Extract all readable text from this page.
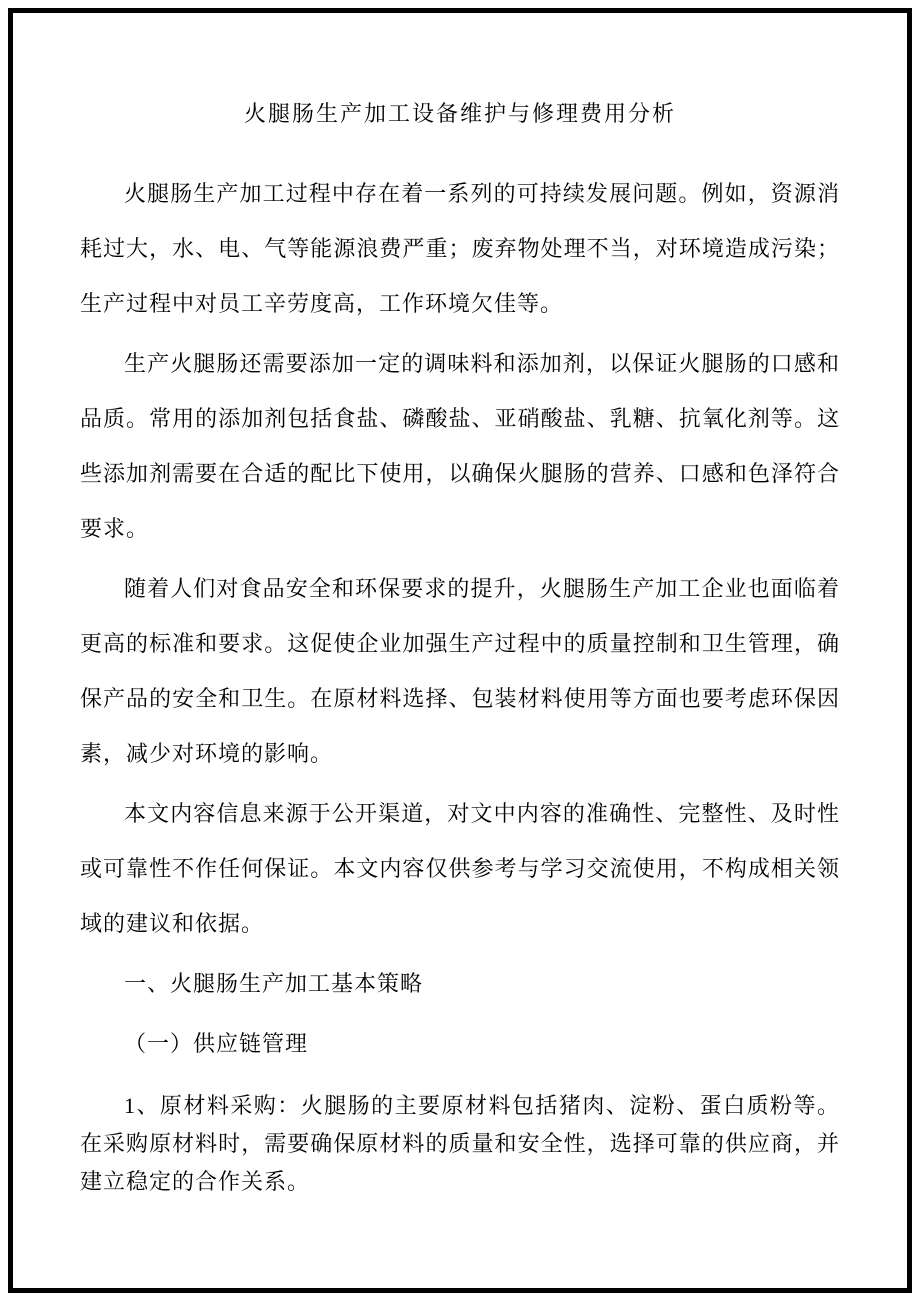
火腿肠生产加工设备维护与修理费用分析

火腿肠生产加工过程中存在着一系列的可持续发展问题。例如，资源消耗过大，水、电、气等能源浪费严重；废弃物处理不当，对环境造成污染；生产过程中对员工辛劳度高，工作环境欠佳等。

生产火腿肠还需要添加一定的调味料和添加剂，以保证火腿肠的口感和品质。常用的添加剂包括食盐、磷酸盐、亚硝酸盐、乳糖、抗氧化剂等。这些添加剂需要在合适的配比下使用，以确保火腿肠的营养、口感和色泽符合要求。

随着人们对食品安全和环保要求的提升，火腿肠生产加工企业也面临着更高的标准和要求。这促使企业加强生产过程中的质量控制和卫生管理，确保产品的安全和卫生。在原材料选择、包装材料使用等方面也要考虑环保因素，减少对环境的影响。

本文内容信息来源于公开渠道，对文中内容的准确性、完整性、及时性或可靠性不作任何保证。本文内容仅供参考与学习交流使用，不构成相关领域的建议和依据。

一、火腿肠生产加工基本策略

（一）供应链管理

1、原材料采购：火腿肠的主要原材料包括猪肉、淀粉、蛋白质粉等。在采购原材料时，需要确保原材料的质量和安全性，选择可靠的供应商，并建立稳定的合作关系。
